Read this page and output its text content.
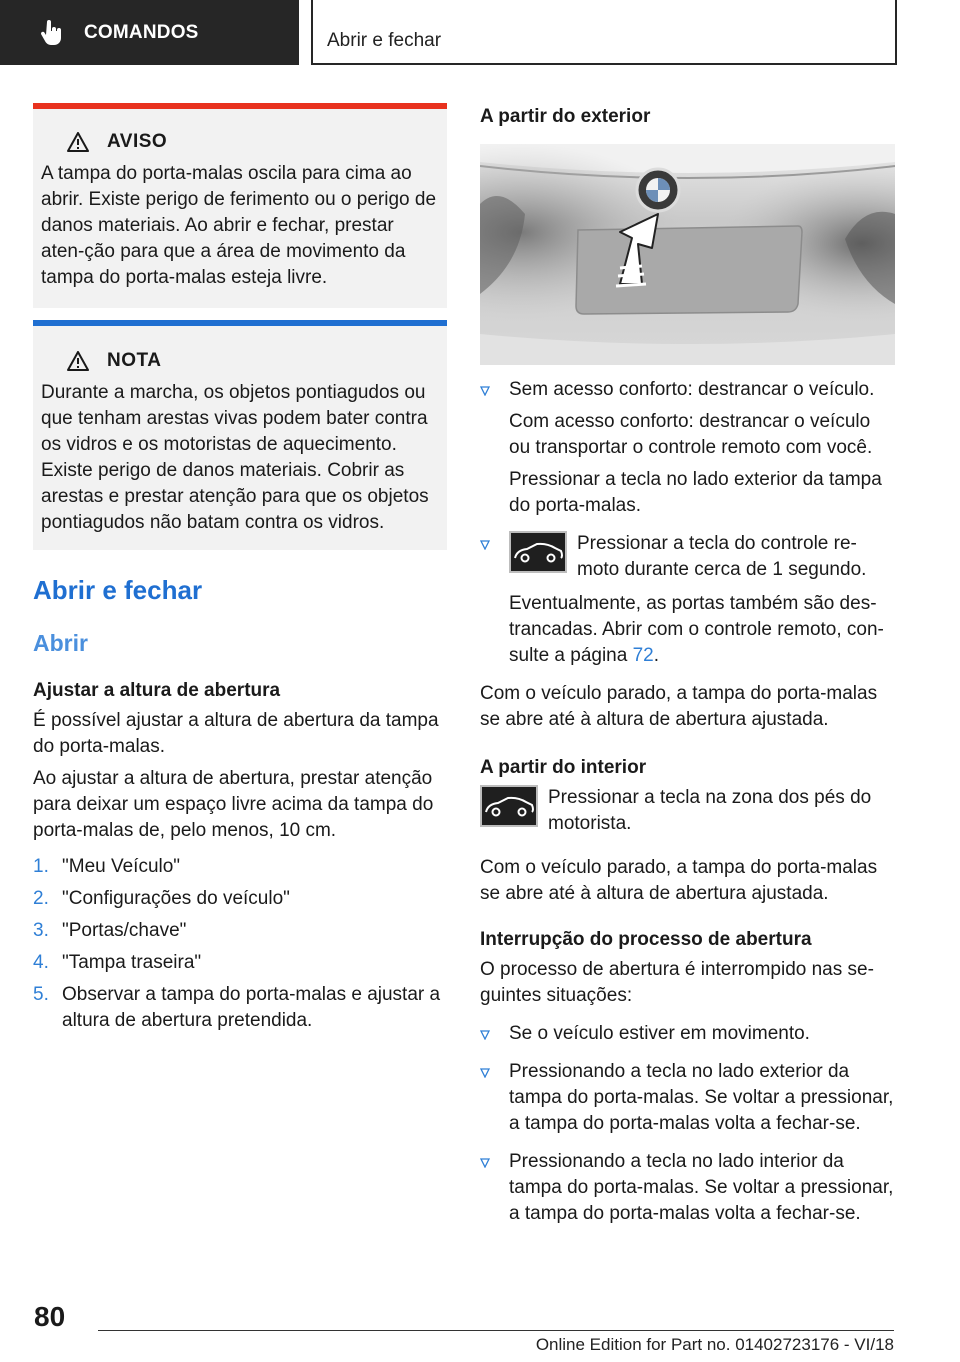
COMANDOS	Abrir e fechar
AVISO

A tampa do porta-malas oscila para cima ao abrir. Existe perigo de ferimento ou o perigo de danos materiais. Ao abrir e fechar, prestar aten-ção para que a área de movimento da tampa do porta-malas esteja livre.

NOTA

Durante a marcha, os objetos pontiagudos ou que tenham arestas vivas podem bater contra os vidros e os motoristas de aquecimento. Existe perigo de danos materiais. Cobrir as arestas e prestar atenção para que os objetos pontiagudos não batam contra os vidros.

Abrir e fechar
Abrir
Ajustar a altura de abertura

É possível ajustar a altura de abertura da tampa do porta-malas.

Ao ajustar a altura de abertura, prestar atenção para deixar um espaço livre acima da tampa do porta-malas de, pelo menos, 10 cm.

1. "Meu Veículo"
2. "Configurações do veículo"
3. "Portas/chave"
4. "Tampa traseira"
5. Observar a tampa do porta-malas e ajustar a altura de abertura pretendida.
A partir do exterior

Sem acesso conforto: destrancar o veículo.

Com acesso conforto: destrancar o veículo ou transportar o controle remoto com você.

Pressionar a tecla no lado exterior da tampa do porta-malas.

Pressionar a tecla do controle re-moto durante cerca de 1 segundo.

Eventualmente, as portas também são des-trancadas. Abrir com o controle remoto, con-sulte a página 72.

Com o veículo parado, a tampa do porta-malas se abre até à altura de abertura ajustada.

A partir do interior
Pressionar a tecla na zona dos pés do motorista.

Com o veículo parado, a tampa do porta-malas se abre até à altura de abertura ajustada.

Interrupção do processo de abertura

O processo de abertura é interrompido nas se-guintes situações:

Se o veículo estiver em movimento.
Pressionando a tecla no lado exterior da tampa do porta-malas. Se voltar a pressionar, a tampa do porta-malas volta a fechar-se.
Pressionando a tecla no lado interior da tampa do porta-malas. Se voltar a pressionar, a tampa do porta-malas volta a fechar-se.
80
Online Edition for Part no. 01402723176 - VI/18
